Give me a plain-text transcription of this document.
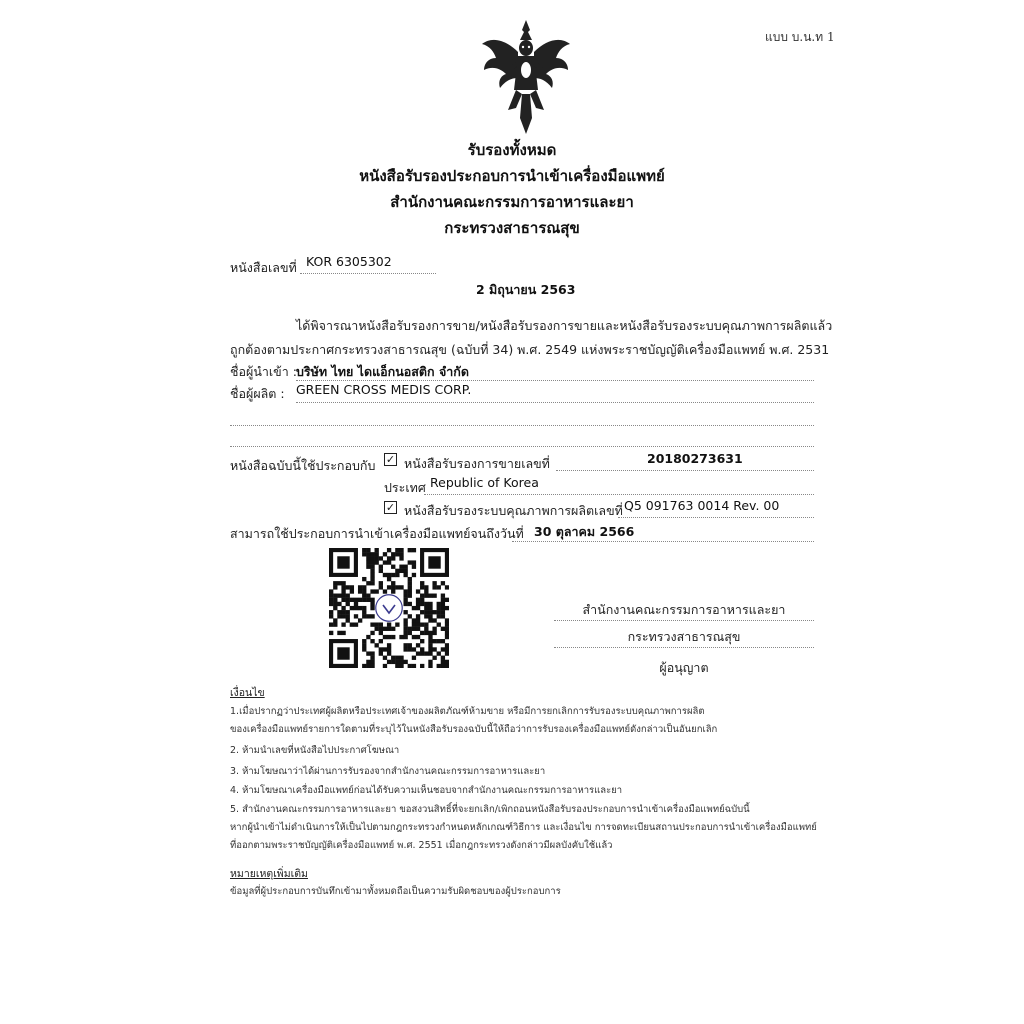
แบบ บ.น.ท 1
รับรองทั้งหมด
หนังสือรับรองประกอบการนำเข้าเครื่องมือแพทย์
สำนักงานคณะกรรมการอาหารและยา
กระทรวงสาธารณสุข
หนังสือเลขที่ KOR 6305302
2 มิถุนายน 2563
ได้พิจารณาหนังสือรับรองการขาย/หนังสือรับรองการขายและหนังสือรับรองระบบคุณภาพการผลิตแล้ว
ถูกต้องตามประกาศกระทรวงสาธารณสุข (ฉบับที่ 34) พ.ศ. 2549 แห่งพระราชบัญญัติเครื่องมือแพทย์ พ.ศ. 2531
ชื่อผู้นำเข้า : บริษัท ไทย ไดแอ็กนอสติก จำกัด
ชื่อผู้ผลิต : GREEN CROSS MEDIS CORP.
หนังสือฉบับนี้ใช้ประกอบกับ ✓ หนังสือรับรองการขายเลขที่	20180273631
ประเทศ Republic of Korea
✓ หนังสือรับรองระบบคุณภาพการผลิตเลขที่ Q5 091763 0014 Rev. 00
สามารถใช้ประกอบการนำเข้าเครื่องมือแพทย์จนถึงวันที่ 30 ตุลาคม 2566
สำนักงานคณะกรรมการอาหารและยา
กระทรวงสาธารณสุข
ผู้อนุญาต
เงื่อนไข
1.เมื่อปรากฏว่าประเทศผู้ผลิตหรือประเทศเจ้าของผลิตภัณฑ์ห้ามขาย หรือมีการยกเลิกการรับรองระบบคุณภาพการผลิต
ของเครื่องมือแพทย์รายการใดตามที่ระบุไว้ในหนังสือรับรองฉบับนี้ให้ถือว่าการรับรองเครื่องมือแพทย์ดังกล่าวเป็นอันยกเลิก
2. ห้ามนำเลขที่หนังสือไปประกาศโฆษณา
3. ห้ามโฆษณาว่าได้ผ่านการรับรองจากสำนักงานคณะกรรมการอาหารและยา
4. ห้ามโฆษณาเครื่องมือแพทย์ก่อนได้รับความเห็นชอบจากสำนักงานคณะกรรมการอาหารและยา
5. สำนักงานคณะกรรมการอาหารและยา ขอสงวนสิทธิ์ที่จะยกเลิก/เพิกถอนหนังสือรับรองประกอบการนำเข้าเครื่องมือแพทย์ฉบับนี้
หากผู้นำเข้าไม่ดำเนินการให้เป็นไปตามกฎกระทรวงกำหนดหลักเกณฑ์วิธีการ และเงื่อนไข การจดทะเบียนสถานประกอบการนำเข้าเครื่องมือแพทย์
ที่ออกตามพระราชบัญญัติเครื่องมือแพทย์ พ.ศ. 2551 เมื่อกฎกระทรวงดังกล่าวมีผลบังคับใช้แล้ว
หมายเหตุเพิ่มเติม
ข้อมูลที่ผู้ประกอบการบันทึกเข้ามาทั้งหมดถือเป็นความรับผิดชอบของผู้ประกอบการ
